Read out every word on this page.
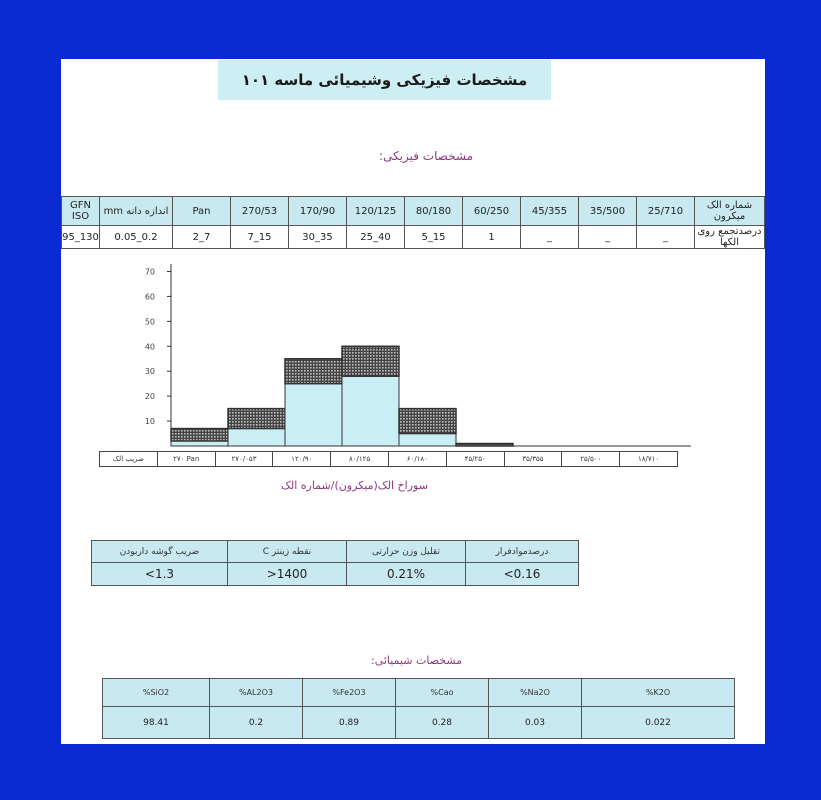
مشخصات فیزیکی وشیمیائی ماسه ۱۰۱
مشخصات فیزیکی:
GFN ISO	اندازه دانه mm	Pan	270/53	170/90	120/125	80/180	60/250	45/355	35/500	25/710	شماره الک میکرون
95_130	0.05_0.2	2_7	7_15	30_35	25_40	5_15	1	_	_	_	درصدتجمع روی الکها
10
20
30
40
50
60
70
ضریب الک	۲۷۰ Pan	۲۷۰/۰۵۳	۱۲۰/۹۰	۸۰/۱۲۵	۶۰/۱۸۰	۴۵/۲۵۰	۳۵/۳۵۵	۲۵/۵۰۰	۱۸/۷۱۰
سوراخ الک(میکرون)/شماره الک
ضریب گوشه داربودن	نقطه زینتر C	تقلیل وزن حرارتی	درصدموادفرار
<1.3	>1400	0.21%	<0.16
مشخصات شیمیائی:
%SiO2	%AL2O3	%Fe2O3	%Cao	%Na2O	%K2O
98.41	0.2	0.89	0.28	0.03	0.022
